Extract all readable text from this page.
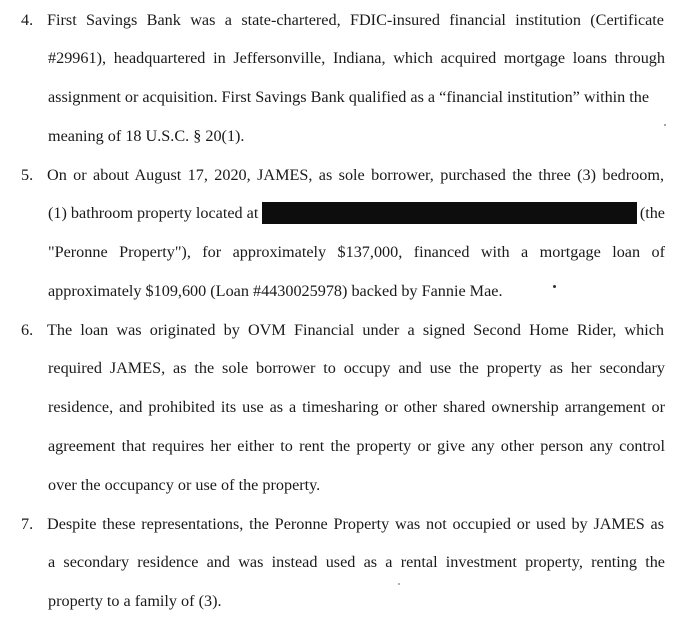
4. First Savings Bank was a state-chartered, FDIC-insured financial institution (Certificate
#29961), headquartered in Jeffersonville, Indiana, which acquired mortgage loans through
assignment or acquisition. First Savings Bank qualified as a “financial institution” within the
meaning of 18 U.S.C. § 20(1).
5. On or about August 17, 2020, JAMES, as sole borrower, purchased the three (3) bedroom,
(1) bathroom property located at	(the
"Peronne Property"), for approximately $137,000, financed with a mortgage loan of
approximately $109,600 (Loan #4430025978) backed by Fannie Mae.
6. The loan was originated by OVM Financial under a signed Second Home Rider, which
required JAMES, as the sole borrower to occupy and use the property as her secondary
residence, and prohibited its use as a timesharing or other shared ownership arrangement or
agreement that requires her either to rent the property or give any other person any control
over the occupancy or use of the property.
7. Despite these representations, the Peronne Property was not occupied or used by JAMES as
a secondary residence and was instead used as a rental investment property, renting the
property to a family of (3).
